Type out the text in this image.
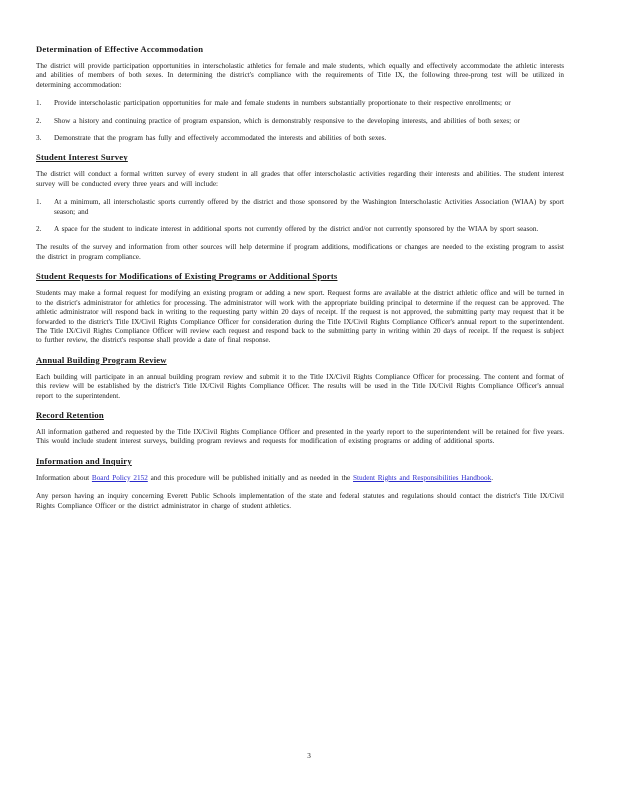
Determination of Effective Accommodation

The district will provide participation opportunities in interscholastic athletics for female and male students, which equally and effectively accommodate the athletic interests and abilities of members of both sexes. In determining the district's compliance with the requirements of Title IX, the following three-prong test will be utilized in determining accommodation:

1.	Provide interscholastic participation opportunities for male and female students in numbers substantially proportionate to their respective enrollments; or
2.	Show a history and continuing practice of program expansion, which is demonstrably responsive to the developing interests, and abilities of both sexes; or
3.	Demonstrate that the program has fully and effectively accommodated the interests and abilities of both sexes.
Student Interest Survey

The district will conduct a formal written survey of every student in all grades that offer interscholastic activities regarding their interests and abilities. The student interest survey will be conducted every three years and will include:

1.	At a minimum, all interscholastic sports currently offered by the district and those sponsored by the Washington Interscholastic Activities Association (WIAA) by sport season; and
2.	A space for the student to indicate interest in additional sports not currently offered by the district and/or not currently sponsored by the WIAA by sport season.

The results of the survey and information from other sources will help determine if program additions, modifications or changes are needed to the existing program to assist the district in program compliance.

Student Requests for Modifications of Existing Programs or Additional Sports

Students may make a formal request for modifying an existing program or adding a new sport. Request forms are available at the district athletic office and will be turned in to the district's administrator for athletics for processing. The administrator will work with the appropriate building principal to determine if the request can be approved. The athletic administrator will respond back in writing to the requesting party within 20 days of receipt. If the request is not approved, the submitting party may request that it be forwarded to the district's Title IX/Civil Rights Compliance Officer for consideration during the Title IX/Civil Rights Compliance Officer's annual report to the superintendent. The Title IX/Civil Rights Compliance Officer will review each request and respond back to the submitting party in writing within 20 days of receipt. If the request is subject to further review, the district's response shall provide a date of final response.

Annual Building Program Review

Each building will participate in an annual building program review and submit it to the Title IX/Civil Rights Compliance Officer for processing. The content and format of this review will be established by the district's Title IX/Civil Rights Compliance Officer. The results will be used in the Title IX/Civil Rights Compliance Officer's annual report to the superintendent.

Record Retention

All information gathered and requested by the Title IX/Civil Rights Compliance Officer and presented in the yearly report to the superintendent will be retained for five years. This would include student interest surveys, building program reviews and requests for modification of existing programs or adding of additional sports.

Information and Inquiry

Information about Board Policy 2152 and this procedure will be published initially and as needed in the Student Rights and Responsibilities Handbook.

Any person having an inquiry concerning Everett Public Schools implementation of the state and federal statutes and regulations should contact the district's Title IX/Civil Rights Compliance Officer or the district administrator in charge of student athletics.

3
